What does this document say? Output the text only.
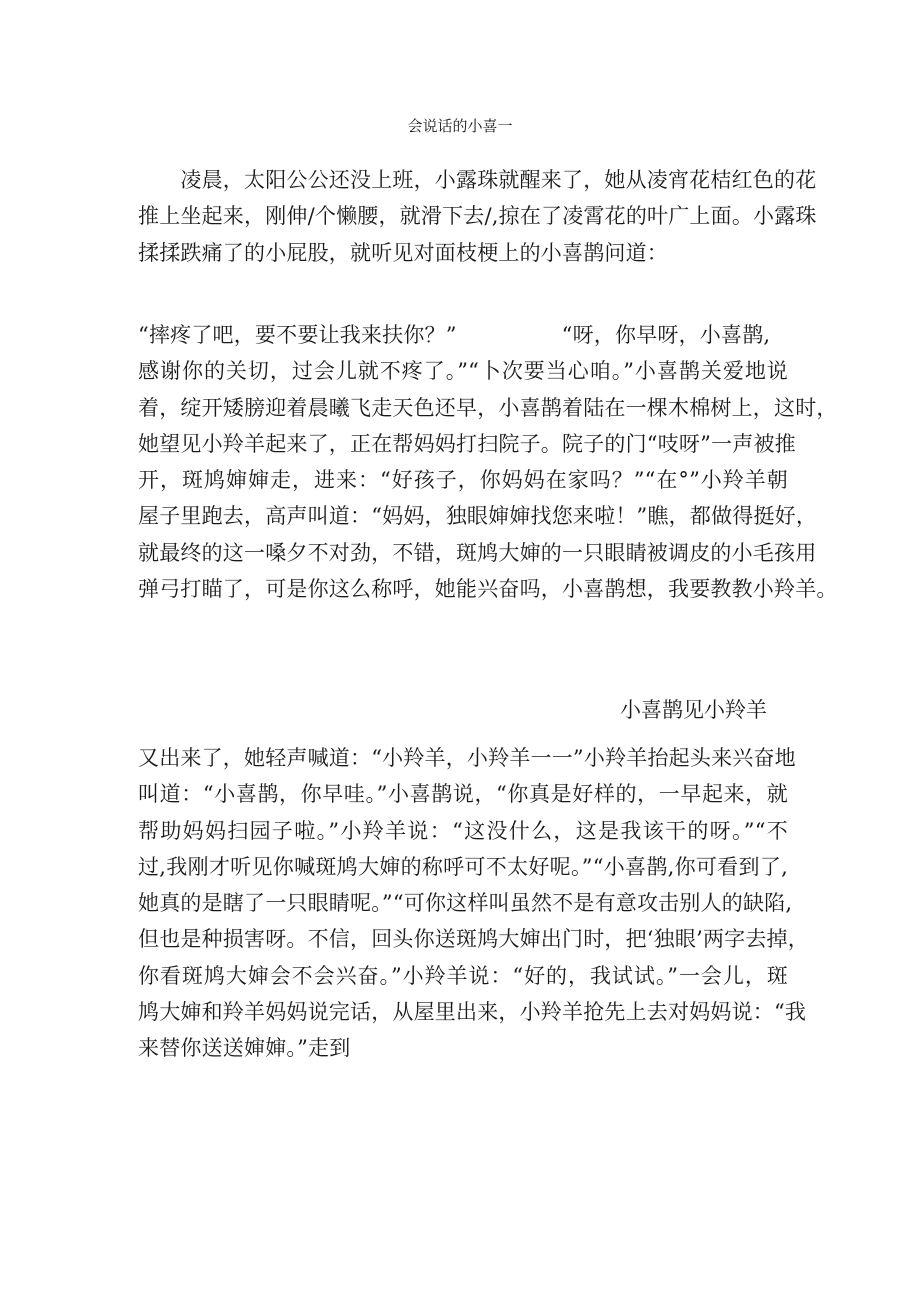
会说话的小喜一
　　凌晨，太阳公公还没上班，小露珠就醒来了，她从凌宵花桔红色的花
推上坐起来，刚伸/个懒腰，就滑下去/,掠在了凌霄花的叶广上面。小露珠
揉揉跌痛了的小屁股，就听见对面枝梗上的小喜鹊问道：
“摔疼了吧，要不要让我来扶你？”	“呀，你早呀，小喜鹊,
感谢你的关切，过会儿就不疼了。”“卜次要当心咱。”小喜鹊关爱地说
着，绽开矮膀迎着晨曦飞走天色还早，小喜鹊着陆在一棵木棉树上，这时，
她望见小羚羊起来了，正在帮妈妈打扫院子。院子的门“吱呀”一声被推
开，斑鸠婶婶走，进来：“好孩子，你妈妈在家吗？”“在°”小羚羊朝
屋子里跑去，高声叫道：“妈妈，独眼婶婶找您来啦！”瞧，都做得挺好，
就最终的这一嗓夕不对劲，不错，斑鸠大婶的一只眼睛被调皮的小毛孩用
弹弓打瞄了，可是你这么称呼，她能兴奋吗，小喜鹊想，我要教教小羚羊。
小喜鹊见小羚羊
又出来了，她轻声喊道：“小羚羊，小羚羊一一”小羚羊抬起头来兴奋地
叫道：“小喜鹊，你早哇。”小喜鹊说，“你真是好样的，一早起来，就
帮助妈妈扫园子啦。”小羚羊说：“这没什么，这是我该干的呀。”“不
过,我刚才听见你喊斑鸠大婶的称呼可不太好呢。”“小喜鹊,你可看到了,
她真的是瞎了一只眼睛呢。”“可你这样叫虽然不是有意攻击别人的缺陷,
但也是种损害呀。不信，回头你送斑鸠大婶出门时，把‘独眼’两字去掉，
你看斑鸠大婶会不会兴奋。”小羚羊说：“好的，我试试。”一会儿，斑
鸠大婶和羚羊妈妈说完话，从屋里出来，小羚羊抢先上去对妈妈说：“我
来替你送送婶婶。”走到
